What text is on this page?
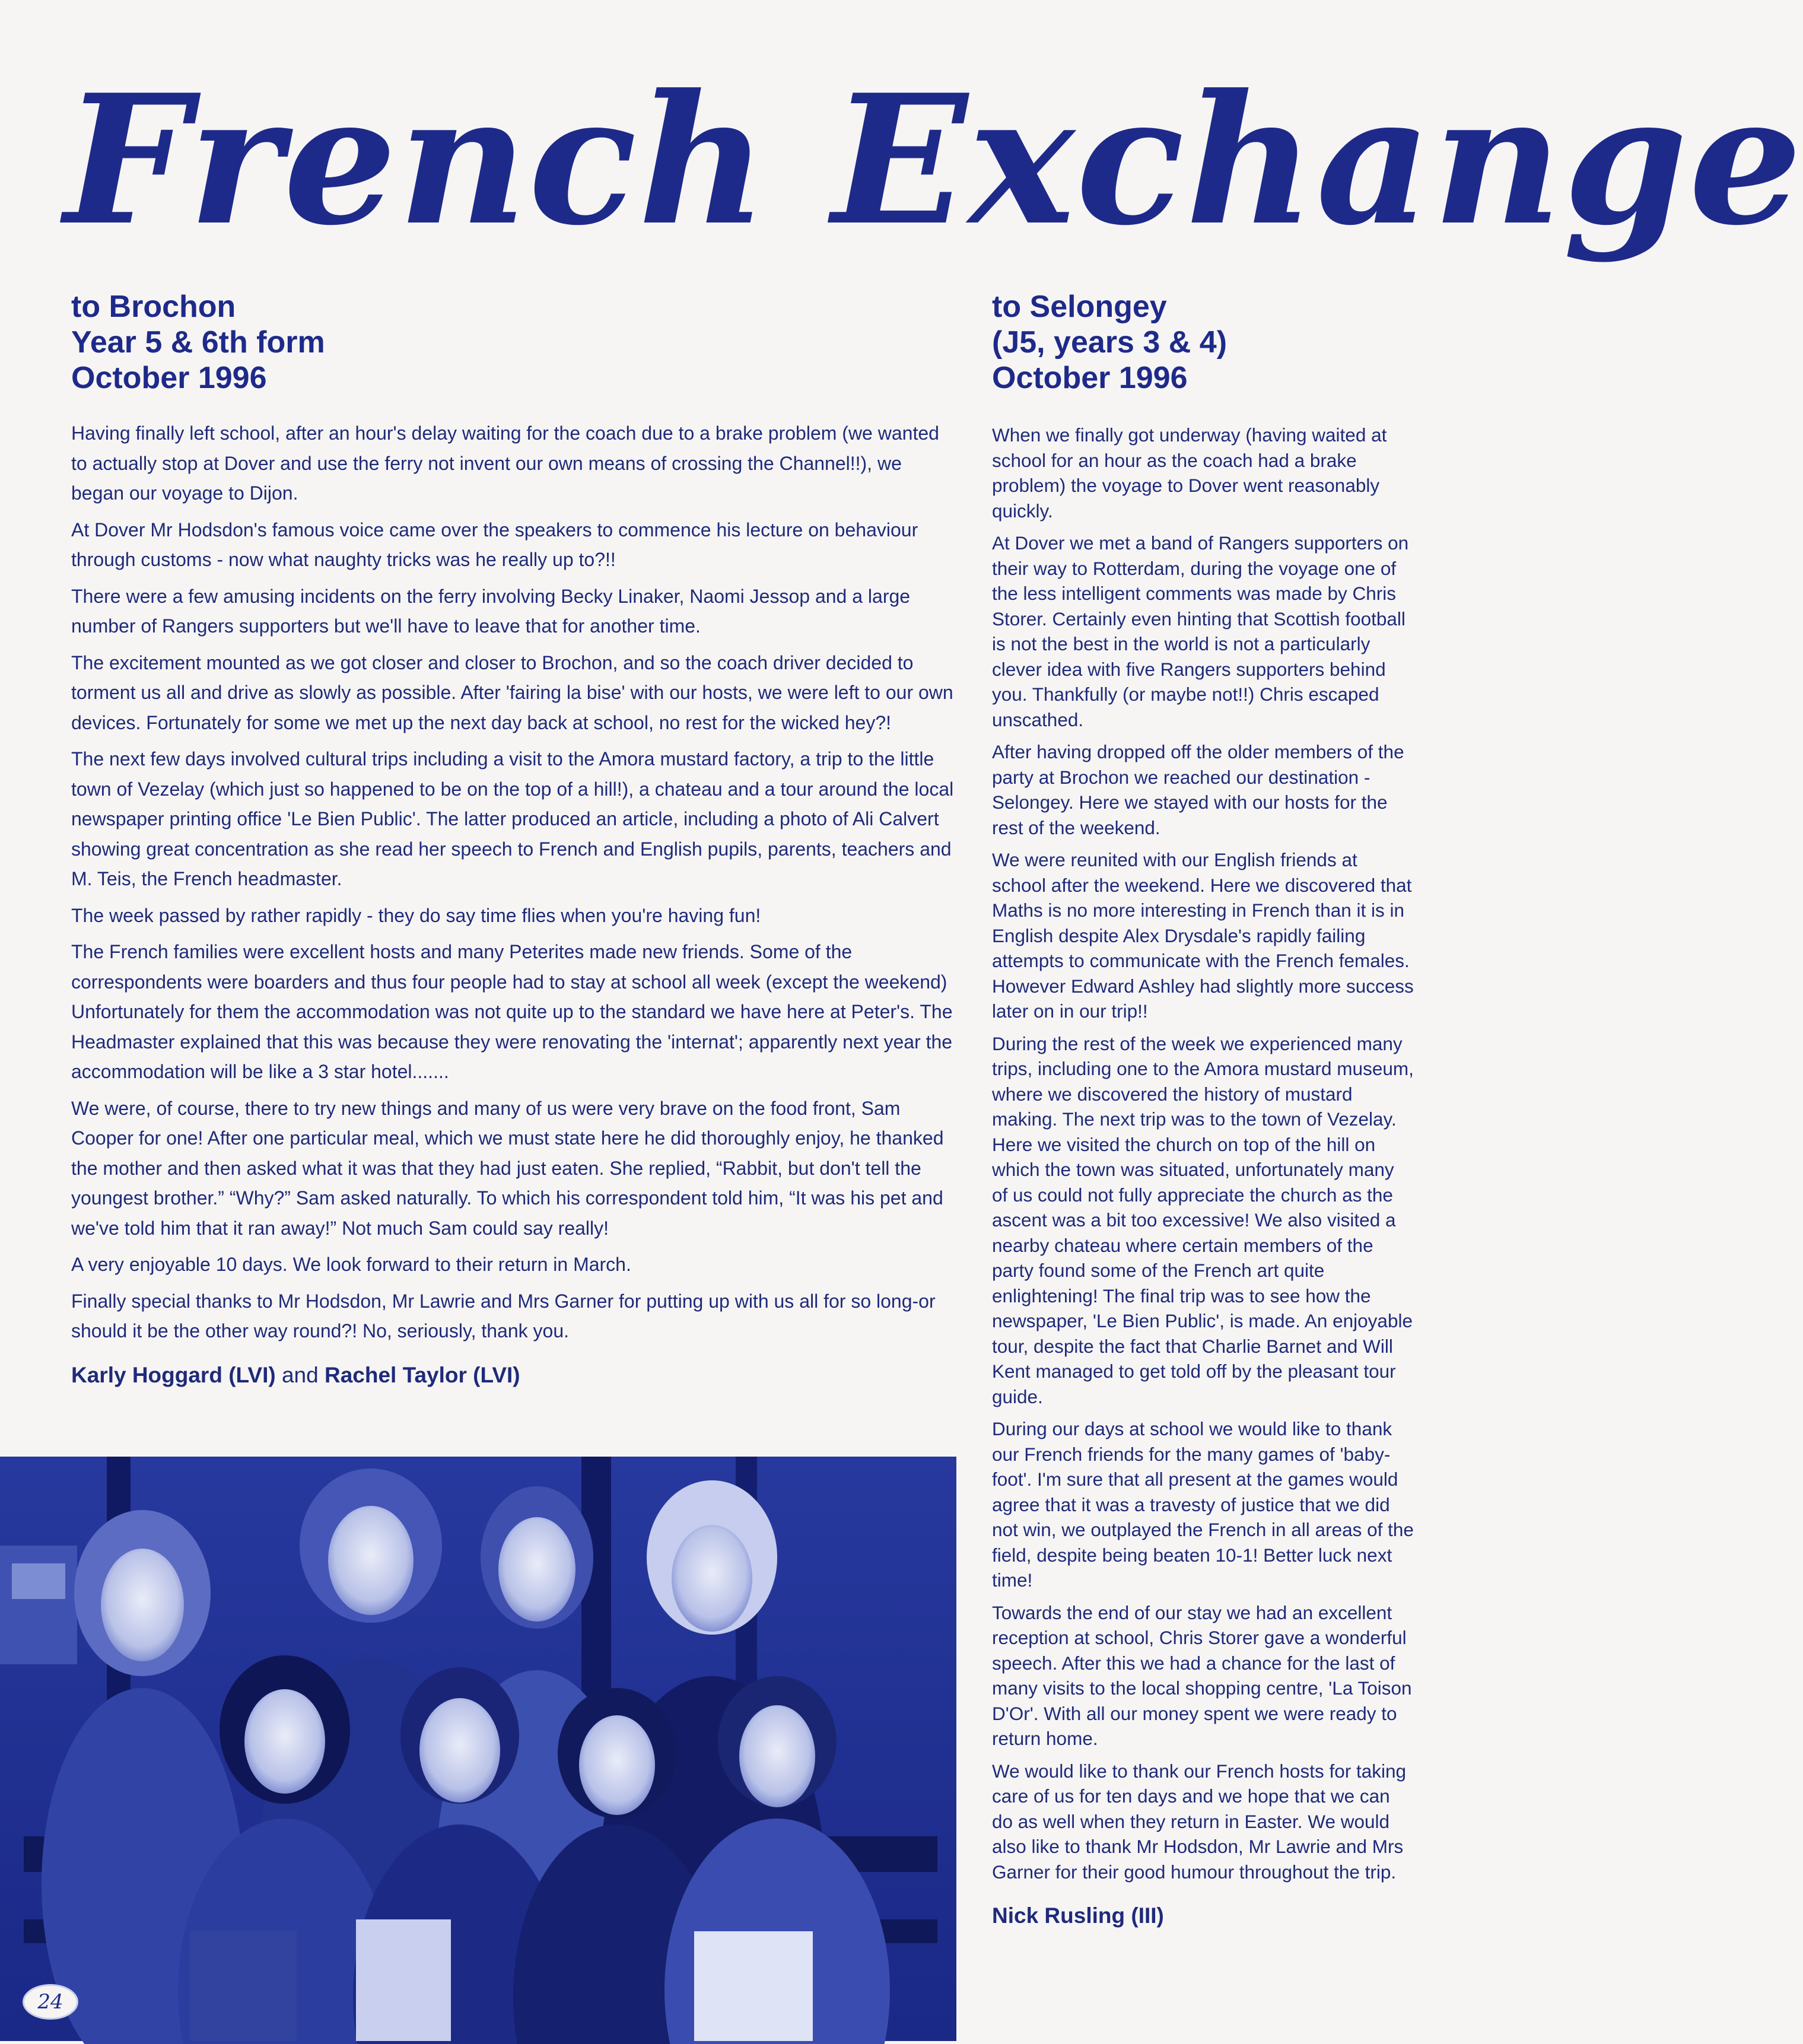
French Exchange
to Brochon
Year 5 & 6th form
October 1996
to Selongey
(J5, years 3 & 4)
October 1996

Having finally left school, after an hour's delay waiting for the coach due to a brake problem (we wanted to actually stop at Dover and use the ferry not invent our own means of crossing the Channel!!), we began our voyage to Dijon.

At Dover Mr Hodsdon's famous voice came over the speakers to commence his lecture on behaviour through customs - now what naughty tricks was he really up to?!!

There were a few amusing incidents on the ferry involving Becky Linaker, Naomi Jessop and a large number of Rangers supporters but we'll have to leave that for another time.

The excitement mounted as we got closer and closer to Brochon, and so the coach driver decided to torment us all and drive as slowly as possible. After 'fairing la bise' with our hosts, we were left to our own devices. Fortunately for some we met up the next day back at school, no rest for the wicked hey?!

The next few days involved cultural trips including a visit to the Amora mustard factory, a trip to the little town of Vezelay (which just so happened to be on the top of a hill!), a chateau and a tour around the local newspaper printing office 'Le Bien Public'. The latter produced an article, including a photo of Ali Calvert showing great concentration as she read her speech to French and English pupils, parents, teachers and M. Teis, the French headmaster.

The week passed by rather rapidly - they do say time flies when you're having fun!

The French families were excellent hosts and many Peterites made new friends. Some of the correspondents were boarders and thus four people had to stay at school all week (except the weekend) Unfortunately for them the accommodation was not quite up to the standard we have here at Peter's. The Headmaster explained that this was because they were renovating the 'internat'; apparently next year the accommodation will be like a 3 star hotel.......

We were, of course, there to try new things and many of us were very brave on the food front, Sam Cooper for one! After one particular meal, which we must state here he did thoroughly enjoy, he thanked the mother and then asked what it was that they had just eaten. She replied, “Rabbit, but don't tell the youngest brother.” “Why?” Sam asked naturally. To which his correspondent told him, “It was his pet and we've told him that it ran away!” Not much Sam could say really!

A very enjoyable 10 days. We look forward to their return in March.

Finally special thanks to Mr Hodsdon, Mr Lawrie and Mrs Garner for putting up with us all for so long-or should it be the other way round?! No, seriously, thank you.

Karly Hoggard (LVI) and Rachel Taylor (LVI)

When we finally got underway (having waited at school for an hour as the coach had a brake problem) the voyage to Dover went reasonably quickly.

At Dover we met a band of Rangers supporters on their way to Rotterdam, during the voyage one of the less intelligent comments was made by Chris Storer. Certainly even hinting that Scottish football is not the best in the world is not a particularly clever idea with five Rangers supporters behind you. Thankfully (or maybe not!!) Chris escaped unscathed.

After having dropped off the older members of the party at Brochon we reached our destination - Selongey. Here we stayed with our hosts for the rest of the weekend.

We were reunited with our English friends at school after the weekend. Here we discovered that Maths is no more interesting in French than it is in English despite Alex Drysdale's rapidly failing attempts to communicate with the French females. However Edward Ashley had slightly more success later on in our trip!!

During the rest of the week we experienced many trips, including one to the Amora mustard museum, where we discovered the history of mustard making. The next trip was to the town of Vezelay. Here we visited the church on top of the hill on which the town was situated, unfortunately many of us could not fully appreciate the church as the ascent was a bit too excessive! We also visited a nearby chateau where certain members of the party found some of the French art quite enlightening! The final trip was to see how the newspaper, 'Le Bien Public', is made. An enjoyable tour, despite the fact that Charlie Barnet and Will Kent managed to get told off by the pleasant tour guide.

During our days at school we would like to thank our French friends for the many games of 'baby-foot'. I'm sure that all present at the games would agree that it was a travesty of justice that we did not win, we outplayed the French in all areas of the field, despite being beaten 10-1! Better luck next time!

Towards the end of our stay we had an excellent reception at school, Chris Storer gave a wonderful speech. After this we had a chance for the last of many visits to the local shopping centre, 'La Toison D'Or'. With all our money spent we were ready to return home.

We would like to thank our French hosts for taking care of us for ten days and we hope that we can do as well when they return in Easter. We would also like to thank Mr Hodsdon, Mr Lawrie and Mrs Garner for their good humour throughout the trip.

Nick Rusling (III)
24
